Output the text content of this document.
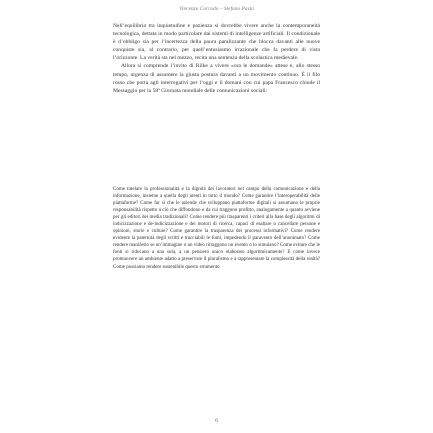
Vincenzo Corrado – Stefano Pasta

Nell’equilibrio tra inquietudine e pazienza si dovrebbe vivere anche la contemporaneità tecnologica, dettata in modo particolare dai sistemi di intelligenze artificiali. Il condizionale è d’obbligo sia per l’incertezza della paura paralizzante che blocca davanti alle nuove conquiste sia, al contrario, per quell’entusiasmo irrazionale che fa perdere di vista l’orizzonte. La verità sta nel mezzo, recita una sentenza della scolastica medievale.

Allora si comprende l’invito di Rilke a vivere «ora le domande» attese e, allo stesso tempo, urgenza di assumere la giusta postura davanti a un movimento continuo. È il filo rosso che porta agli interrogativi per l’oggi e il domani con cui papa Francesco chiude il Messaggio per la 58ª Giornata mondiale delle comunicazioni sociali:

Come tutelare la professionalità e la dignità dei lavoratori nel campo della comunicazione e della informazione, insieme a quella degli utenti in tutto il mondo? Come garantire l’interoperabilità delle piattaforme? Come far sì che le aziende che sviluppano piattaforme digitali si assumano le proprie responsabilità rispetto a ciò che diffondono e da cui traggono profitto, analogamente a quanto avviene per gli editori dei media tradizionali? Come rendere più trasparenti i criteri alla base degli algoritmi di indicizzazione e de-indicizzazione e dei motori di ricerca, capaci di esaltare o cancellare persone e opinioni, storie e culture? Come garantire la trasparenza dei processi informativi? Come rendere evidente la paternità degli scritti e tracciabili le fonti, impedendo il paravento dell’anonimato? Come rendere manifesto se un’immagine o un video ritraggono un evento o lo simulano? Come evitare che le fonti si riducano a una sola, a un pensiero unico elaborato algoritmicamente? E come invece promuovere un ambiente adatto a preservare il pluralismo e a rappresentare la complessità della realtà? Come possiamo rendere sostenibile questo strumento

6
